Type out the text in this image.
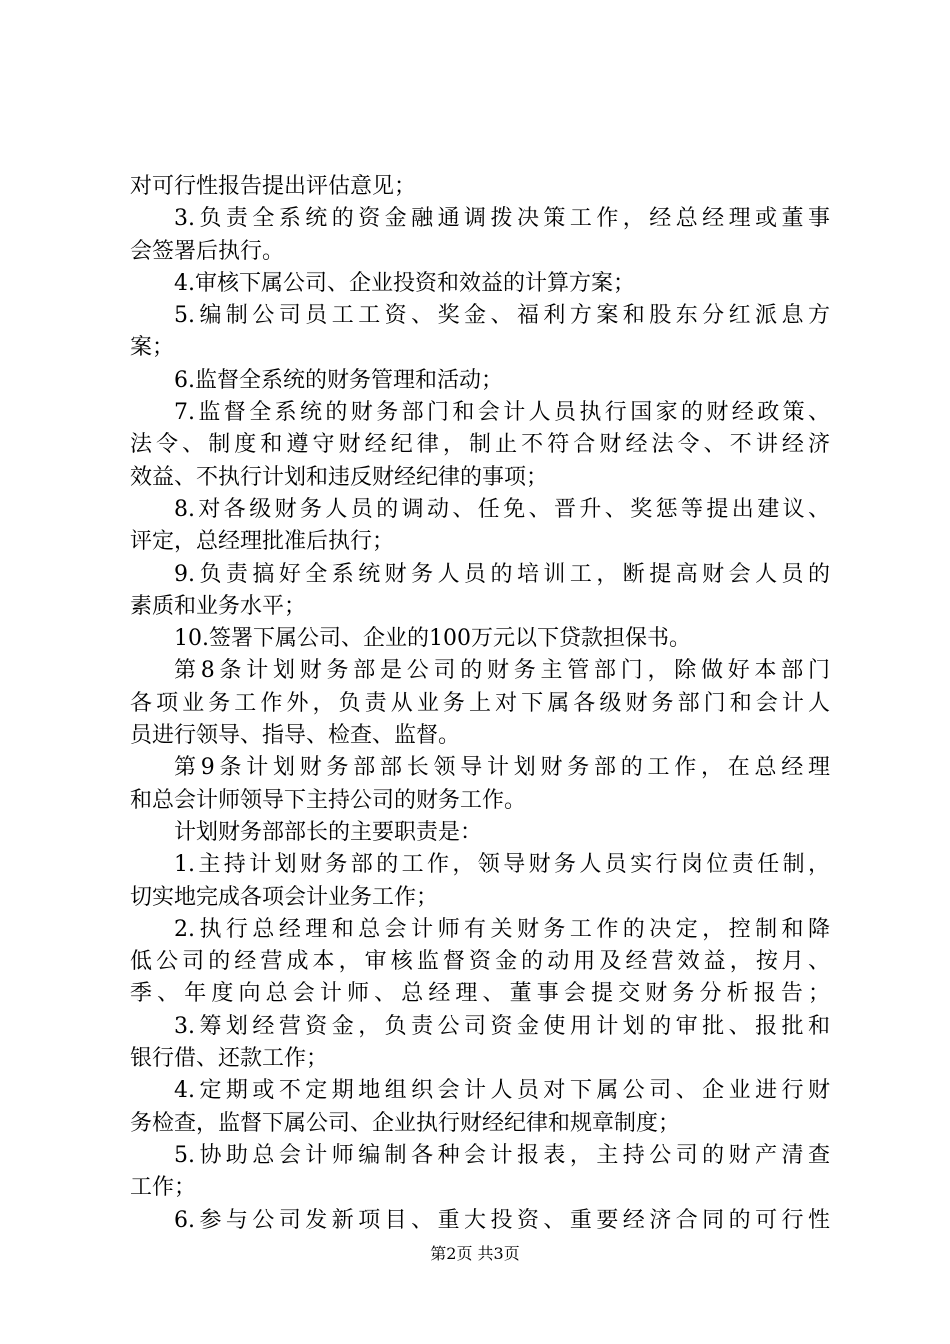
对可行性报告提出评估意见；
3.负责全系统的资金融通调拨决策工作，经总经理或董事
会签署后执行。
4.审核下属公司、企业投资和效益的计算方案；
5.编制公司员工工资、奖金、福利方案和股东分红派息方
案；
6.监督全系统的财务管理和活动；
7.监督全系统的财务部门和会计人员执行国家的财经政策、
法令、制度和遵守财经纪律，制止不符合财经法令、不讲经济
效益、不执行计划和违反财经纪律的事项；
8.对各级财务人员的调动、任免、晋升、奖惩等提出建议、
评定，总经理批准后执行；
9.负责搞好全系统财务人员的培训工，断提高财会人员的
素质和业务水平；
10.签署下属公司、企业的100万元以下贷款担保书。
第8条计划财务部是公司的财务主管部门，除做好本部门
各项业务工作外，负责从业务上对下属各级财务部门和会计人
员进行领导、指导、检查、监督。
第9条计划财务部部长领导计划财务部的工作，在总经理
和总会计师领导下主持公司的财务工作。
计划财务部部长的主要职责是：
1.主持计划财务部的工作，领导财务人员实行岗位责任制，
切实地完成各项会计业务工作；
2.执行总经理和总会计师有关财务工作的决定，控制和降
低公司的经营成本，审核监督资金的动用及经营效益，按月、
季、年度向总会计师、总经理、董事会提交财务分析报告；
3.筹划经营资金，负责公司资金使用计划的审批、报批和
银行借、还款工作；
4.定期或不定期地组织会计人员对下属公司、企业进行财
务检查，监督下属公司、企业执行财经纪律和规章制度；
5.协助总会计师编制各种会计报表，主持公司的财产清查
工作；
6.参与公司发新项目、重大投资、重要经济合同的可行性
第2页 共3页
